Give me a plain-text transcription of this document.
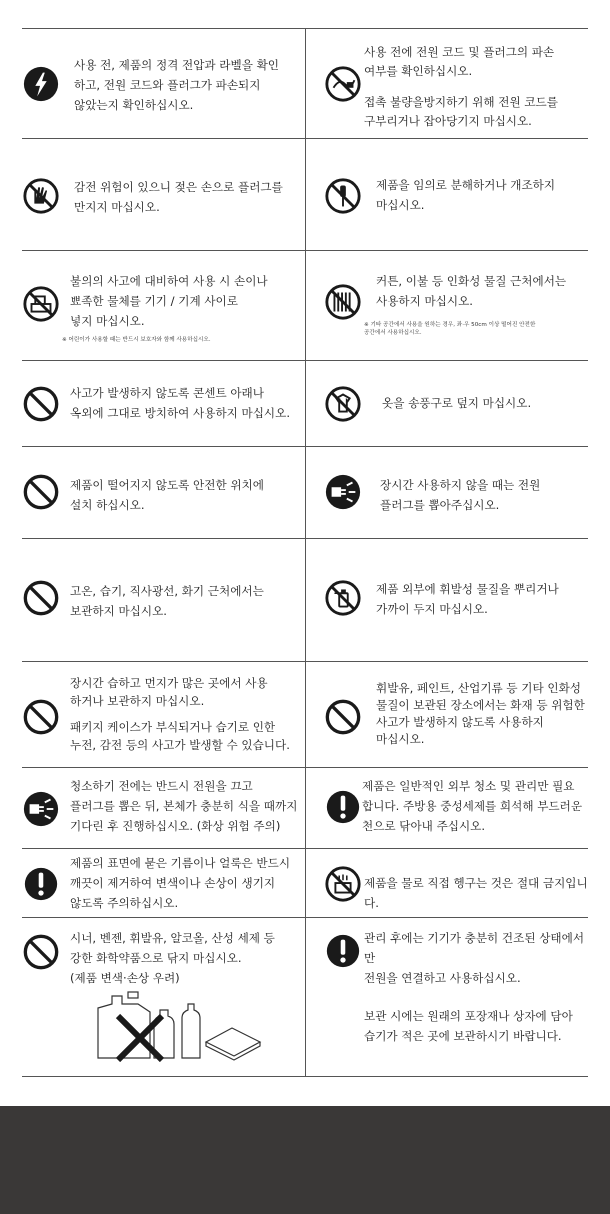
사용 전, 제품의 정격 전압과 라벨을 확인
하고, 전원 코드와 플러그가 파손되지
않았는지 확인하십시오.
사용 전에 전원 코드 및 플러그의 파손
여부를 확인하십시오.
접촉 불량을방지하기 위해 전원 코드를
구부리거나 잡아당기지 마십시오.
감전 위험이 있으니 젖은 손으로 플러그를
만지지 마십시오.
제품을 임의로 분해하거나 개조하지
마십시오.
불의의 사고에 대비하여 사용 시 손이나
뾰족한 물체를 기기 / 기계 사이로
넣지 마십시오.
※ 어린이가 사용할 때는 반드시 보호자와 함께 사용하십시오.
커튼, 이불 등 인화성 물질 근처에서는
사용하지 마십시오.
※ 기타 공간에서 사용을 원하는 경우, 좌·우 50cm 이상 떨어진 안전한
공간에서 사용하십시오.
사고가 발생하지 않도록 콘센트 아래나
옥외에 그대로 방치하여 사용하지 마십시오.
옷을 송풍구로 덮지 마십시오.
제품이 떨어지지 않도록 안전한 위치에
설치 하십시오.
장시간 사용하지 않을 때는 전원
플러그를 뽑아주십시오.
고온, 습기, 직사광선, 화기 근처에서는
보관하지 마십시오.
제품 외부에 휘발성 물질을 뿌리거나
가까이 두지 마십시오.
장시간 습하고 먼지가 많은 곳에서 사용
하거나 보관하지 마십시오.
패키지 케이스가 부식되거나 습기로 인한
누전, 감전 등의 사고가 발생할 수 있습니다.
휘발유, 페인트, 산업기류 등 기타 인화성
물질이 보관된 장소에서는 화재 등 위험한
사고가 발생하지 않도록 사용하지
마십시오.
청소하기 전에는 반드시 전원을 끄고
플러그를 뽑은 뒤, 본체가 충분히 식을 때까지
기다린 후 진행하십시오. (화상 위험 주의)
제품은 일반적인 외부 청소 및 관리만 필요
합니다. 주방용 중성세제를 희석해 부드러운
천으로 닦아내 주십시오.
제품의 표면에 묻은 기름이나 얼룩은 반드시
깨끗이 제거하여 변색이나 손상이 생기지
않도록 주의하십시오.
제품을 물로 직접 헹구는 것은 절대 금지입니다.
시너, 벤젠, 휘발유, 알코올, 산성 세제 등
강한 화학약품으로 닦지 마십시오.
(제품 변색·손상 우려)
관리 후에는 기기가 충분히 건조된 상태에서만
전원을 연결하고 사용하십시오.
보관 시에는 원래의 포장재나 상자에 담아
습기가 적은 곳에 보관하시기 바랍니다.
